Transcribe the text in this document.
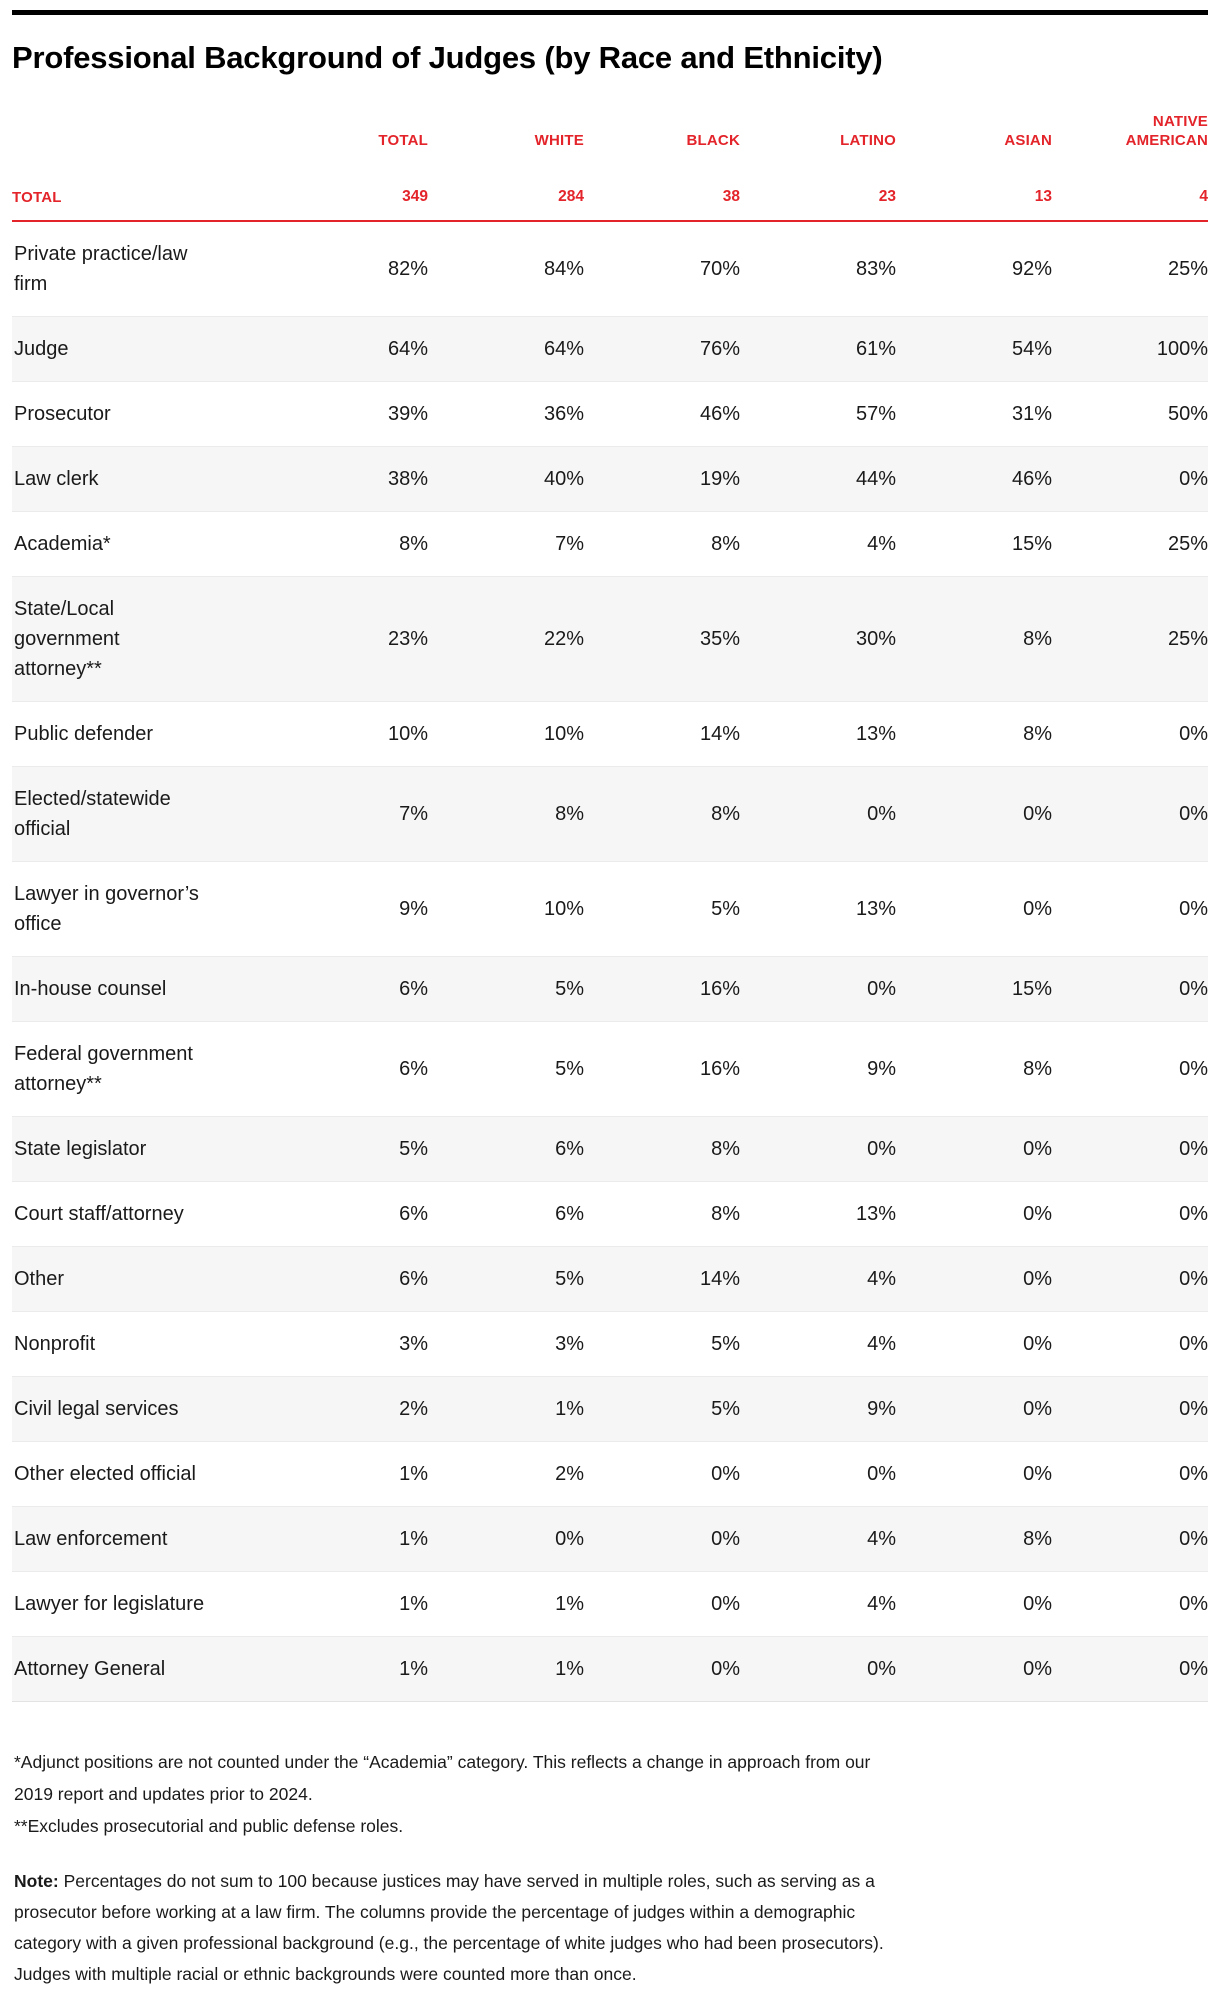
Professional Background of Judges (by Race and Ethnicity)
	TOTAL	WHITE	BLACK	LATINO	ASIAN	NATIVE AMERICAN
TOTAL	349	284	38	23	13	4
Private practice/law
firm	82%	84%	70%	83%	92%	25%
Judge	64%	64%	76%	61%	54%	100%
Prosecutor	39%	36%	46%	57%	31%	50%
Law clerk	38%	40%	19%	44%	46%	0%
Academia*	8%	7%	8%	4%	15%	25%
State/Local
government
attorney**	23%	22%	35%	30%	8%	25%
Public defender	10%	10%	14%	13%	8%	0%
Elected/statewide
official	7%	8%	8%	0%	0%	0%
Lawyer in governor’s
office	9%	10%	5%	13%	0%	0%
In-house counsel	6%	5%	16%	0%	15%	0%
Federal government
attorney**	6%	5%	16%	9%	8%	0%
State legislator	5%	6%	8%	0%	0%	0%
Court staff/attorney	6%	6%	8%	13%	0%	0%
Other	6%	5%	14%	4%	0%	0%
Nonprofit	3%	3%	5%	4%	0%	0%
Civil legal services	2%	1%	5%	9%	0%	0%
Other elected official	1%	2%	0%	0%	0%	0%
Law enforcement	1%	0%	0%	4%	8%	0%
Lawyer for legislature	1%	1%	0%	4%	0%	0%
Attorney General	1%	1%	0%	0%	0%	0%

*Adjunct positions are not counted under the “Academia” category. This reflects a change in approach from our
2019 report and updates prior to 2024.

**Excludes prosecutorial and public defense roles.

Note: Percentages do not sum to 100 because justices may have served in multiple roles, such as serving as a
prosecutor before working at a law firm. The columns provide the percentage of judges within a demographic
category with a given professional background (e.g., the percentage of white judges who had been prosecutors).
Judges with multiple racial or ethnic backgrounds were counted more than once.
